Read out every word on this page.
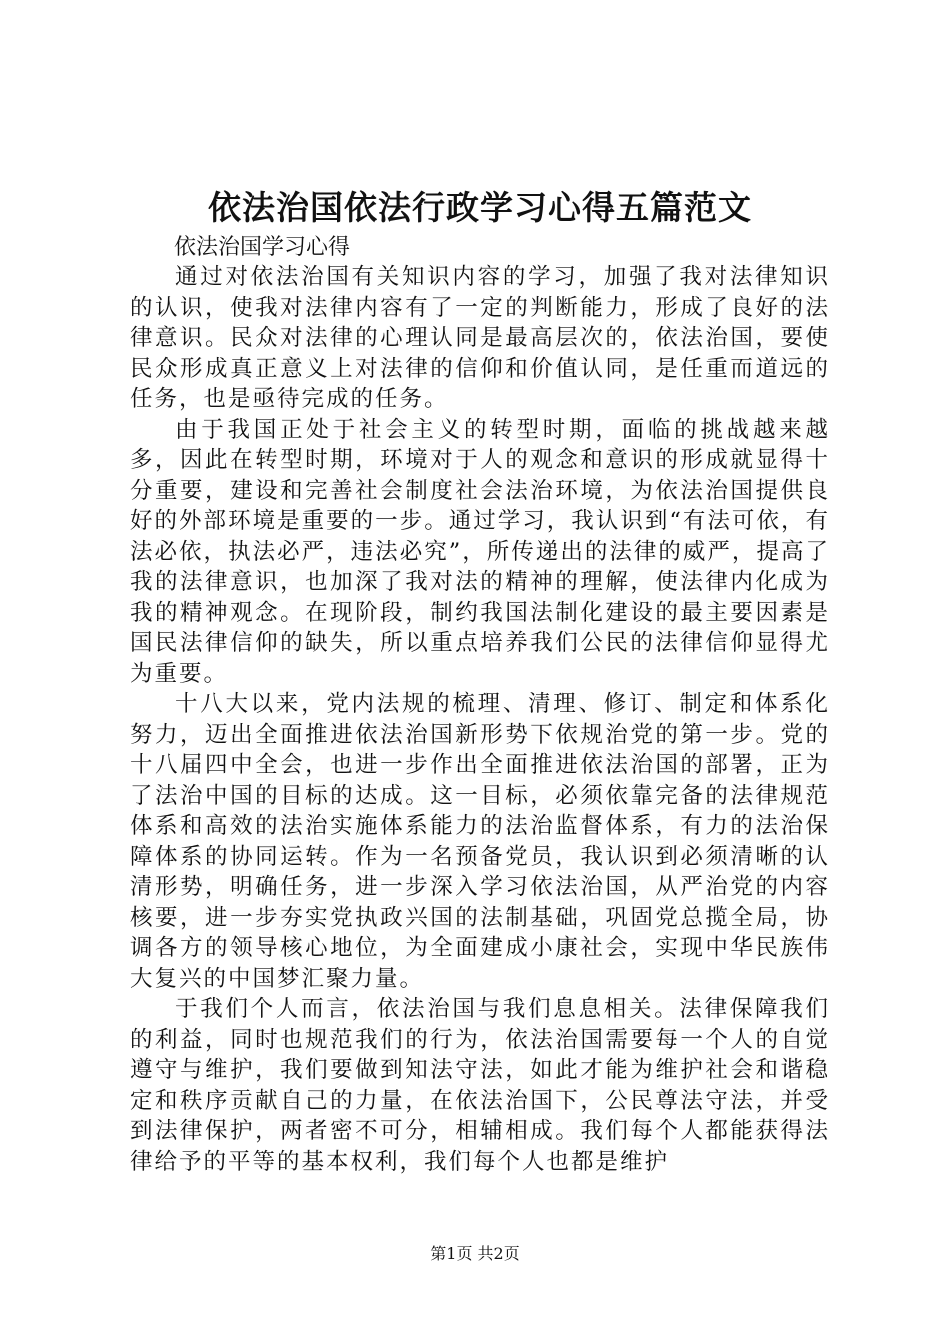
依法治国依法行政学习心得五篇范文

依法治国学习心得

通过对依法治国有关知识内容的学习，加强了我对法律知识的认识，使我对法律内容有了一定的判断能力，形成了良好的法律意识。民众对法律的心理认同是最高层次的，依法治国，要使民众形成真正意义上对法律的信仰和价值认同，是任重而道远的任务，也是亟待完成的任务。

由于我国正处于社会主义的转型时期，面临的挑战越来越多，因此在转型时期，环境对于人的观念和意识的形成就显得十分重要，建设和完善社会制度社会法治环境，为依法治国提供良好的外部环境是重要的一步。通过学习，我认识到“有法可依，有法必依，执法必严，违法必究”，所传递出的法律的威严，提高了我的法律意识，也加深了我对法的精神的理解，使法律内化成为我的精神观念。在现阶段，制约我国法制化建设的最主要因素是国民法律信仰的缺失，所以重点培养我们公民的法律信仰显得尤为重要。

十八大以来，党内法规的梳理、清理、修订、制定和体系化努力，迈出全面推进依法治国新形势下依规治党的第一步。党的十八届四中全会，也进一步作出全面推进依法治国的部署，正为了法治中国的目标的达成。这一目标，必须依靠完备的法律规范体系和高效的法治实施体系能力的法治监督体系，有力的法治保障体系的协同运转。作为一名预备党员，我认识到必须清晰的认清形势，明确任务，进一步深入学习依法治国，从严治党的内容核要，进一步夯实党执政兴国的法制基础，巩固党总揽全局，协调各方的领导核心地位，为全面建成小康社会，实现中华民族伟大复兴的中国梦汇聚力量。

于我们个人而言，依法治国与我们息息相关。法律保障我们的利益，同时也规范我们的行为，依法治国需要每一个人的自觉遵守与维护，我们要做到知法守法，如此才能为维护社会和谐稳定和秩序贡献自己的力量，在依法治国下，公民尊法守法，并受到法律保护，两者密不可分，相辅相成。我们每个人都能获得法律给予的平等的基本权利，我们每个人也都是维护

第1页 共2页
